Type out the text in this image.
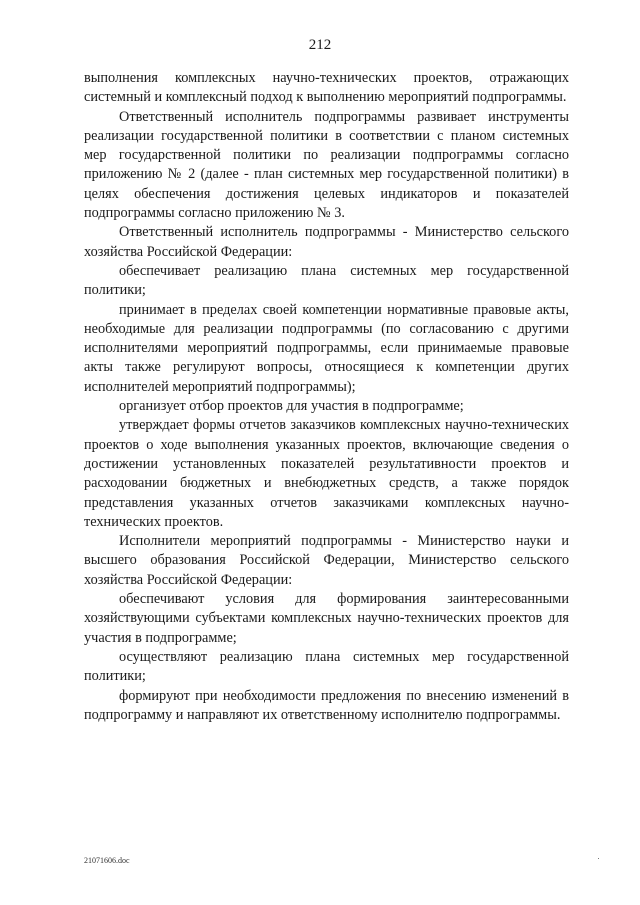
212

выполнения комплексных научно-технических проектов, отражающих системный и комплексный подход к выполнению мероприятий подпрограммы.

Ответственный исполнитель подпрограммы развивает инструменты реализации государственной политики в соответствии с планом системных мер государственной политики по реализации подпрограммы согласно приложению № 2 (далее - план системных мер государственной политики) в целях обеспечения достижения целевых индикаторов и показателей подпрограммы согласно приложению № 3.

Ответственный исполнитель подпрограммы - Министерство сельского хозяйства Российской Федерации:

обеспечивает реализацию плана системных мер государственной политики;

принимает в пределах своей компетенции нормативные правовые акты, необходимые для реализации подпрограммы (по согласованию с другими исполнителями мероприятий подпрограммы, если принимаемые правовые акты также регулируют вопросы, относящиеся к компетенции других исполнителей мероприятий подпрограммы);

организует отбор проектов для участия в подпрограмме;

утверждает формы отчетов заказчиков комплексных научно-технических проектов о ходе выполнения указанных проектов, включающие сведения о достижении установленных показателей результативности проектов и расходовании бюджетных и внебюджетных средств, а также порядок представления указанных отчетов заказчиками комплексных научно-технических проектов.

Исполнители мероприятий подпрограммы - Министерство науки и высшего образования Российской Федерации, Министерство сельского хозяйства Российской Федерации:

обеспечивают условия для формирования заинтересованными хозяйствующими субъектами комплексных научно-технических проектов для участия в подпрограмме;

осуществляют реализацию плана системных мер государственной политики;

формируют при необходимости предложения по внесению изменений в подпрограмму и направляют их ответственному исполнителю подпрограммы.

21071606.doc
